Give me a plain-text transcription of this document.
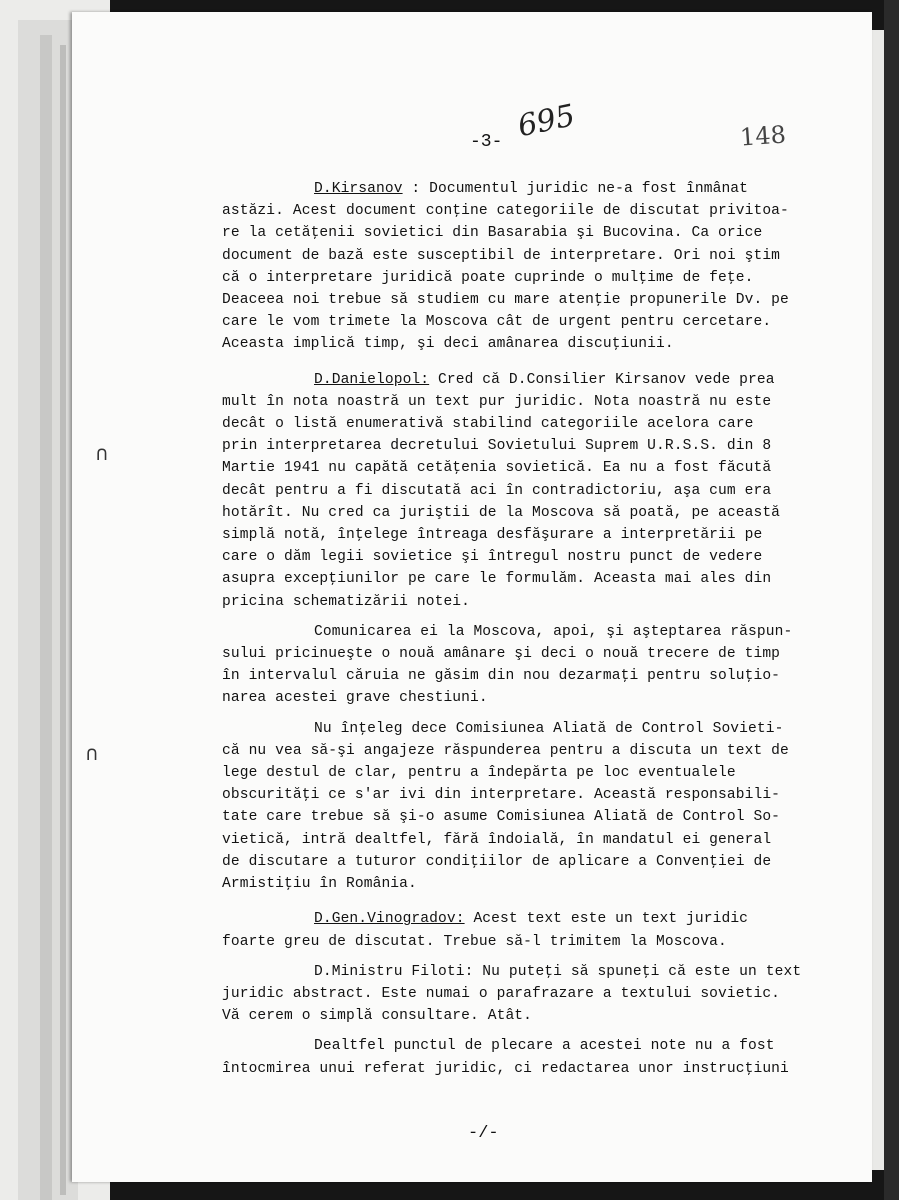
695	148
-3-
ᑎ
ᑎ

D.Kirsanov : Documentul juridic ne-a fost înmânat
astăzi. Acest document conţine categoriile de discutat privitoa-
re la cetăţenii sovietici din Basarabia şi Bucovina. Ca orice
document de bază este susceptibil de interpretare. Ori noi ştim
că o interpretare juridică poate cuprinde o mulţime de feţe.
Deaceea noi trebue să studiem cu mare atenţie propunerile Dv. pe
care le vom trimete la Moscova cât de urgent pentru cercetare.
Aceasta implică timp, şi deci amânarea discuţiunii.

D.Danielopol: Cred că D.Consilier Kirsanov vede prea
mult în nota noastră un text pur juridic. Nota noastră nu este
decât o listă enumerativă stabilind categoriile acelora care
prin interpretarea decretului Sovietului Suprem U.R.S.S. din 8
Martie 1941 nu capătă cetăţenia sovietică. Ea nu a fost făcută
decât pentru a fi discutată aci în contradictoriu, aşa cum era
hotărît. Nu cred ca juriştii de la Moscova să poată, pe această
simplă notă, înţelege întreaga desfăşurare a interpretării pe
care o dăm legii sovietice şi întregul nostru punct de vedere
asupra excepţiunilor pe care le formulăm. Aceasta mai ales din
pricina schematizării notei.

Comunicarea ei la Moscova, apoi, şi aşteptarea răspun-
sului pricinueşte o nouă amânare şi deci o nouă trecere de timp
în intervalul căruia ne găsim din nou dezarmaţi pentru soluţio-
narea acestei grave chestiuni.

Nu înţeleg dece Comisiunea Aliată de Control Sovieti-
că nu vea să-şi angajeze răspunderea pentru a discuta un text de
lege destul de clar, pentru a îndepărta pe loc eventualele
obscurităţi ce s'ar ivi din interpretare. Această responsabili-
tate care trebue să şi-o asume Comisiunea Aliată de Control So-
vietică, intră dealtfel, fără îndoială, în mandatul ei general
de discutare a tuturor condiţiilor de aplicare a Convenţiei de
Armistiţiu în România.

D.Gen.Vinogradov: Acest text este un text juridic
foarte greu de discutat. Trebue să-l trimitem la Moscova.

D.Ministru Filoti: Nu puteţi să spuneţi că este un text
juridic abstract. Este numai o parafrazare a textului sovietic.
Vă cerem o simplă consultare. Atât.

Dealtfel punctul de plecare a acestei note nu a fost
întocmirea unui referat juridic, ci redactarea unor instrucţiuni

-/-
